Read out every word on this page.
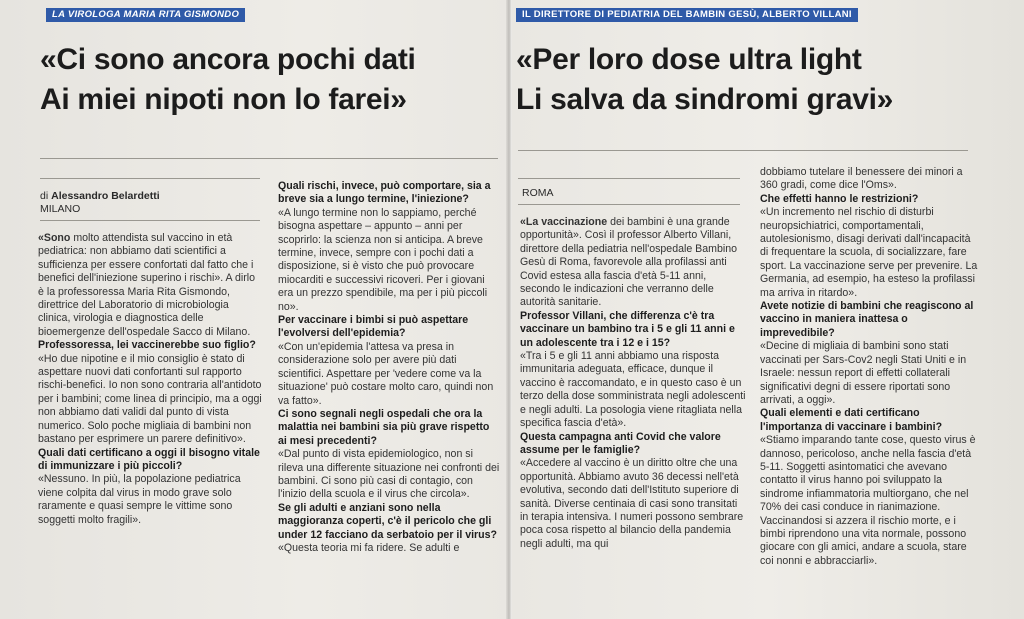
LA VIROLOGA MARIA RITA GISMONDO
«Ci sono ancora pochi dati
Ai miei nipoti non lo farei»
di Alessandro Belardetti
MILANO

«Sono molto attendista sul vaccino in età pediatrica: non abbiamo dati scientifici a sufficienza per essere confortati dal fatto che i benefici dell'iniezione superino i rischi». A dirlo è la professoressa Maria Rita Gismondo, direttrice del Laboratorio di microbiologia clinica, virologia e diagnostica delle bioemergenze dell'ospedale Sacco di Milano.

Professoressa, lei vaccinerebbe suo figlio?

«Ho due nipotine e il mio consiglio è stato di aspettare nuovi dati confortanti sul rapporto rischi-benefici. Io non sono contraria all'antidoto per i bambini; come linea di principio, ma a oggi non abbiamo dati validi dal punto di vista numerico. Solo poche migliaia di bambini non bastano per esprimere un parere definitivo».

Quali dati certificano a oggi il bisogno vitale di immunizzare i più piccoli?

«Nessuno. In più, la popolazione pediatrica viene colpita dal virus in modo grave solo raramente e quasi sempre le vittime sono soggetti molto fragili».

Quali rischi, invece, può comportare, sia a breve sia a lungo termine, l'iniezione?

«A lungo termine non lo sappiamo, perché bisogna aspettare – appunto – anni per scoprirlo: la scienza non si anticipa. A breve termine, invece, sempre con i pochi dati a disposizione, si è visto che può provocare miocarditi e successivi ricoveri. Per i giovani era un prezzo spendibile, ma per i più piccoli no».

Per vaccinare i bimbi si può aspettare l'evolversi dell'epidemia?

«Con un'epidemia l'attesa va presa in considerazione solo per avere più dati scientifici. Aspettare per 'vedere come va la situazione' può costare molto caro, quindi non va fatto».

Ci sono segnali negli ospedali che ora la malattia nei bambini sia più grave rispetto ai mesi precedenti?

«Dal punto di vista epidemiologico, non si rileva una differente situazione nei confronti dei bambini. Ci sono più casi di contagio, con l'inizio della scuola e il virus che circola».

Se gli adulti e anziani sono nella maggioranza coperti, c'è il pericolo che gli under 12 facciano da serbatoio per il virus?

«Questa teoria mi fa ridere. Se adulti e

IL DIRETTORE DI PEDIATRIA DEL BAMBIN GESÙ, ALBERTO VILLANI
«Per loro dose ultra light
Li salva da sindromi gravi»
ROMA

«La vaccinazione dei bambini è una grande opportunità». Così il professor Alberto Villani, direttore della pediatria nell'ospedale Bambino Gesù di Roma, favorevole alla profilassi anti Covid estesa alla fascia d'età 5-11 anni, secondo le indicazioni che verranno delle autorità sanitarie.

Professor Villani, che differenza c'è tra vaccinare un bambino tra i 5 e gli 11 anni e un adolescente tra i 12 e i 15?

«Tra i 5 e gli 11 anni abbiamo una risposta immunitaria adeguata, efficace, dunque il vaccino è raccomandato, e in questo caso è un terzo della dose somministrata negli adolescenti e negli adulti. La posologia viene ritagliata nella specifica fascia d'età».

Questa campagna anti Covid che valore assume per le famiglie?

«Accedere al vaccino è un diritto oltre che una opportunità. Abbiamo avuto 36 decessi nell'età evolutiva, secondo dati dell'Istituto superiore di sanità. Diverse centinaia di casi sono transitati in terapia intensiva. I numeri possono sembrare poca cosa rispetto al bilancio della pandemia negli adulti, ma qui

dobbiamo tutelare il benessere dei minori a 360 gradi, come dice l'Oms».

Che effetti hanno le restrizioni?

«Un incremento nel rischio di disturbi neuropsichiatrici, comportamentali, autolesionismo, disagi derivati dall'incapacità di frequentare la scuola, di socializzare, fare sport. La vaccinazione serve per prevenire. La Germania, ad esempio, ha esteso la profilassi ma arriva in ritardo».

Avete notizie di bambini che reagiscono al vaccino in maniera inattesa o imprevedibile?

«Decine di migliaia di bambini sono stati vaccinati per Sars-Cov2 negli Stati Uniti e in Israele: nessun report di effetti collaterali significativi degni di essere riportati sono arrivati, a oggi».

Quali elementi e dati certificano l'importanza di vaccinare i bambini?

«Stiamo imparando tante cose, questo virus è dannoso, pericoloso, anche nella fascia d'età 5-11. Soggetti asintomatici che avevano contatto il virus hanno poi sviluppato la sindrome infiammatoria multiorgano, che nel 70% dei casi conduce in rianimazione. Vaccinandosi si azzera il rischio morte, e i bimbi riprendono una vita normale, possono giocare con gli amici, andare a scuola, stare coi nonni e abbracciarli».
